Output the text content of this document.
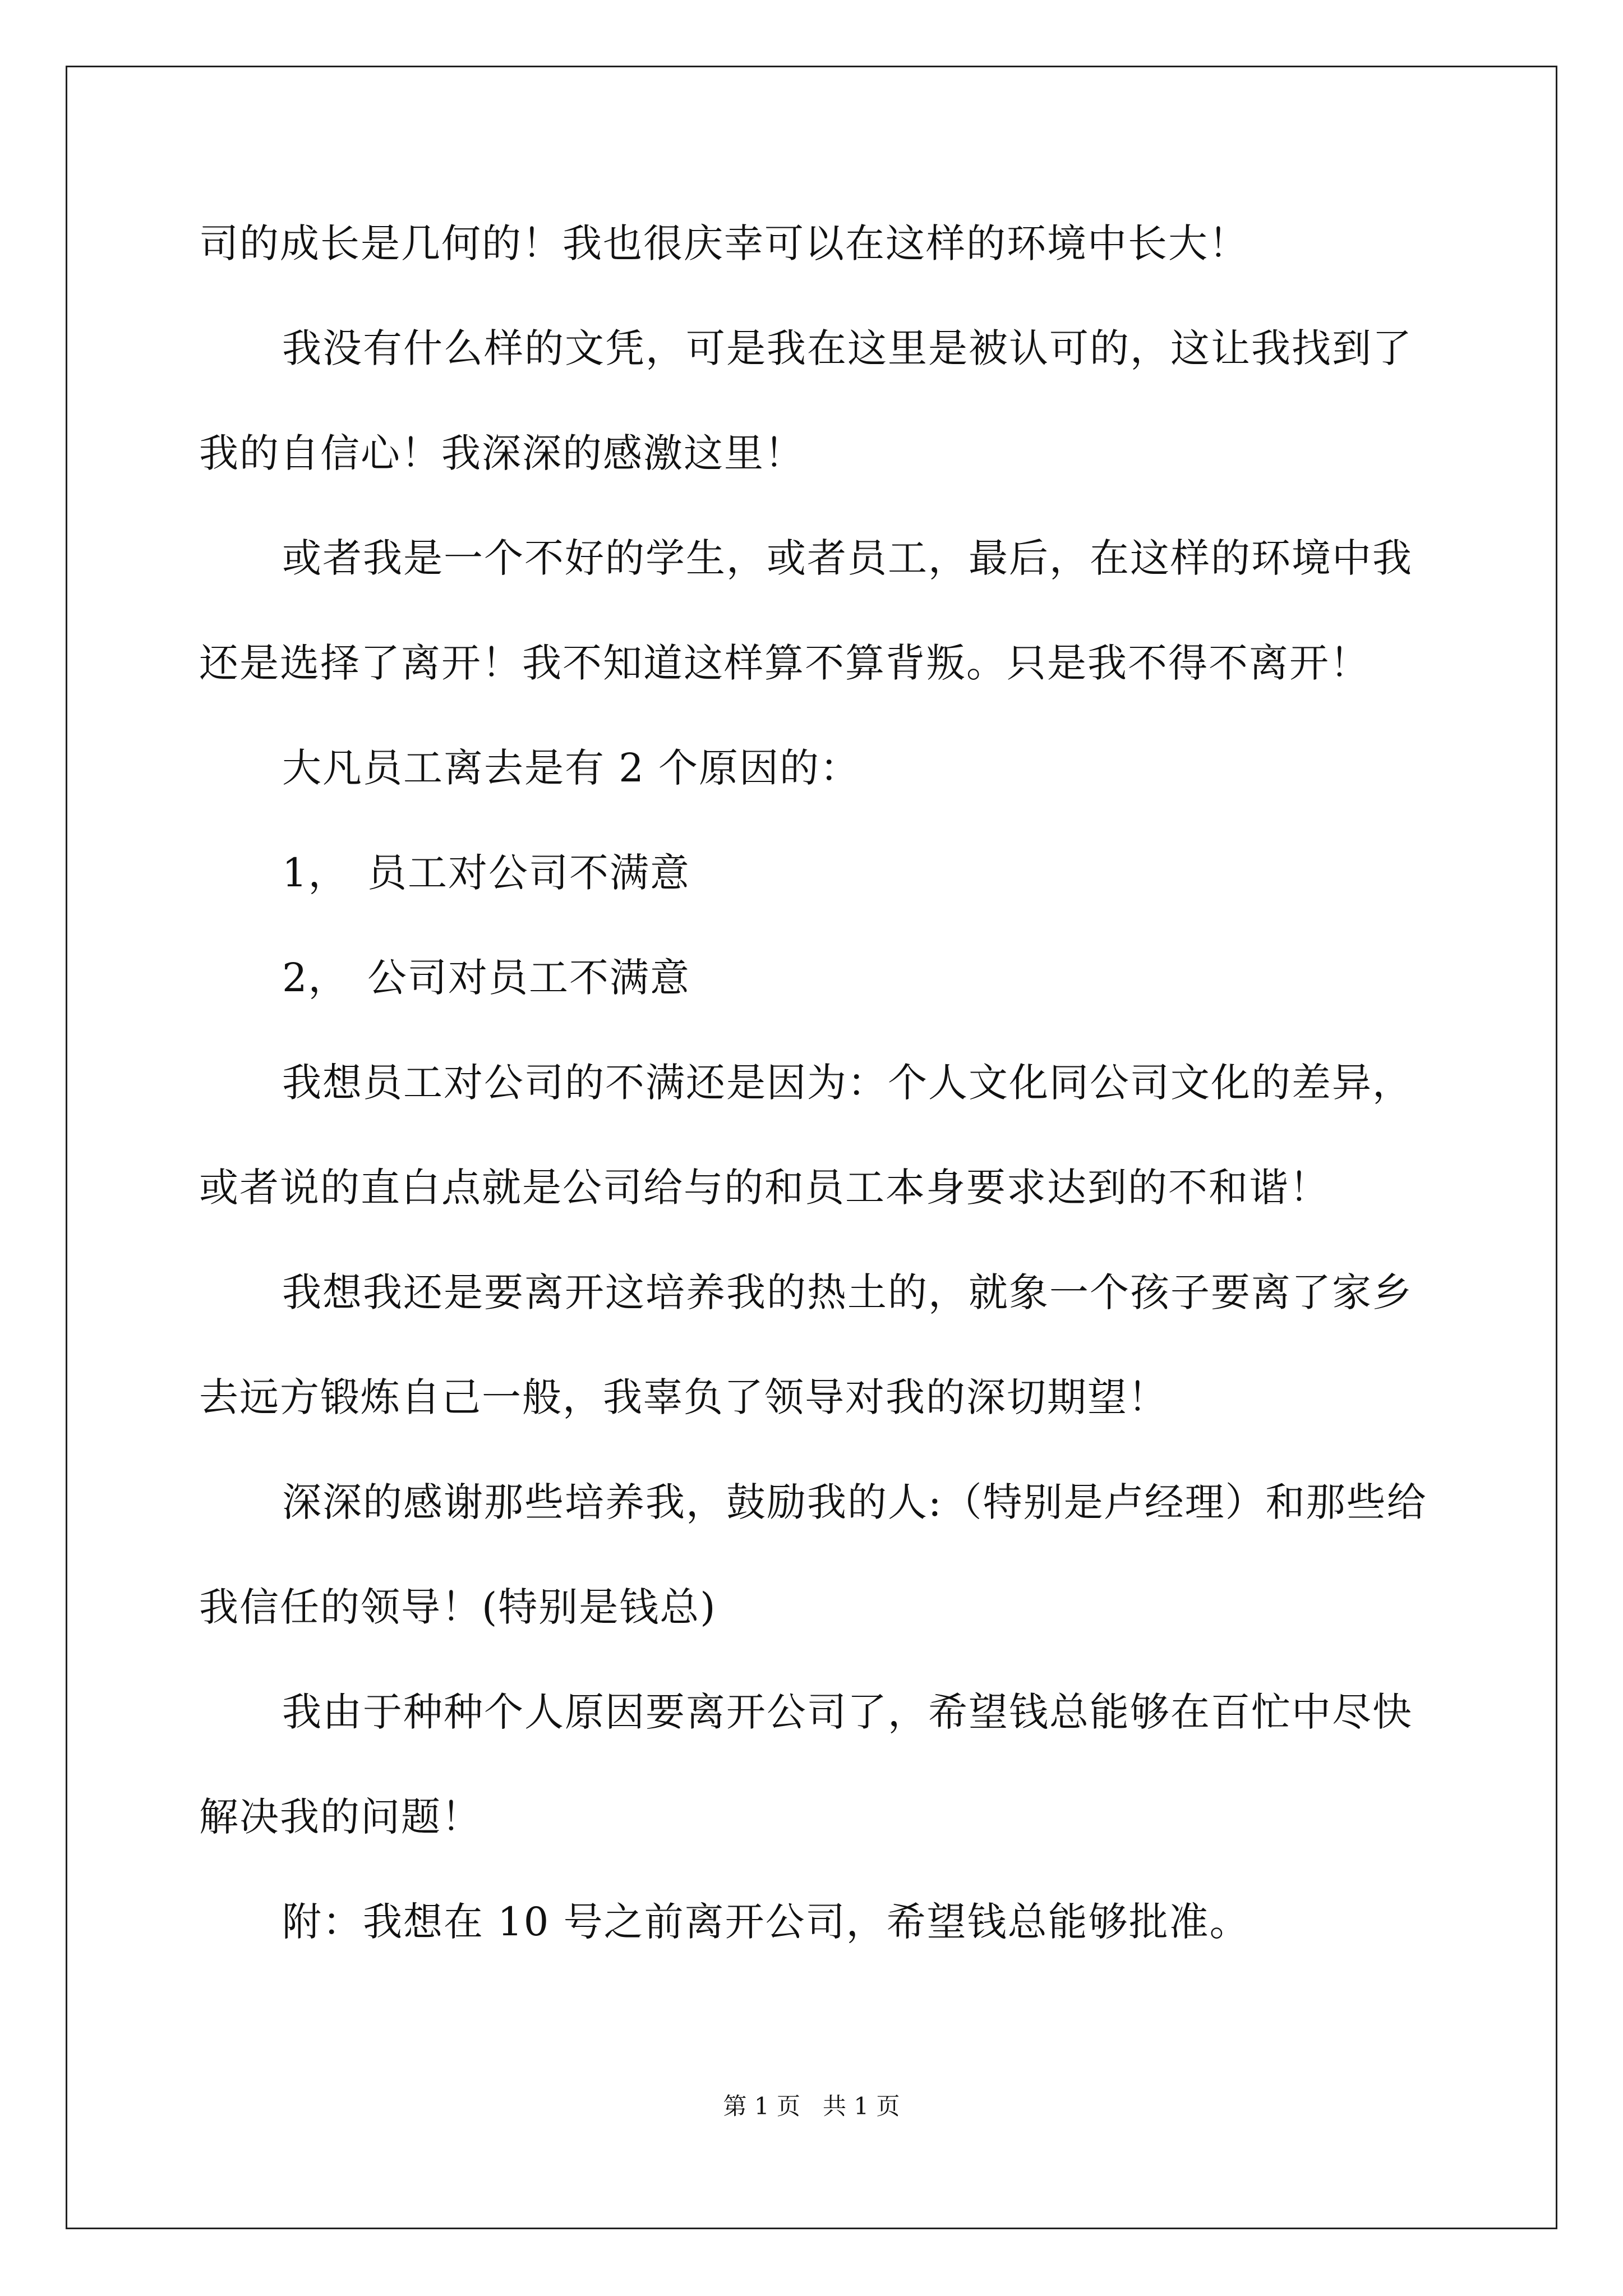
司的成长是几何的！我也很庆幸可以在这样的环境中长大！
我没有什么样的文凭，可是我在这里是被认可的，这让我找到了
我的自信心！我深深的感激这里！
或者我是一个不好的学生，或者员工，最后，在这样的环境中我
还是选择了离开！我不知道这样算不算背叛。只是我不得不离开！
大凡员工离去是有 2 个原因的：
1， 员工对公司不满意
2， 公司对员工不满意
我想员工对公司的不满还是因为：个人文化同公司文化的差异，
或者说的直白点就是公司给与的和员工本身要求达到的不和谐！
我想我还是要离开这培养我的热土的，就象一个孩子要离了家乡
去远方锻炼自己一般，我辜负了领导对我的深切期望！
深深的感谢那些培养我，鼓励我的人:（特别是卢经理）和那些给
我信任的领导！(特别是钱总)
我由于种种个人原因要离开公司了，希望钱总能够在百忙中尽快
解决我的问题！
附：我想在 10 号之前离开公司，希望钱总能够批准。
第 1 页   共 1 页
